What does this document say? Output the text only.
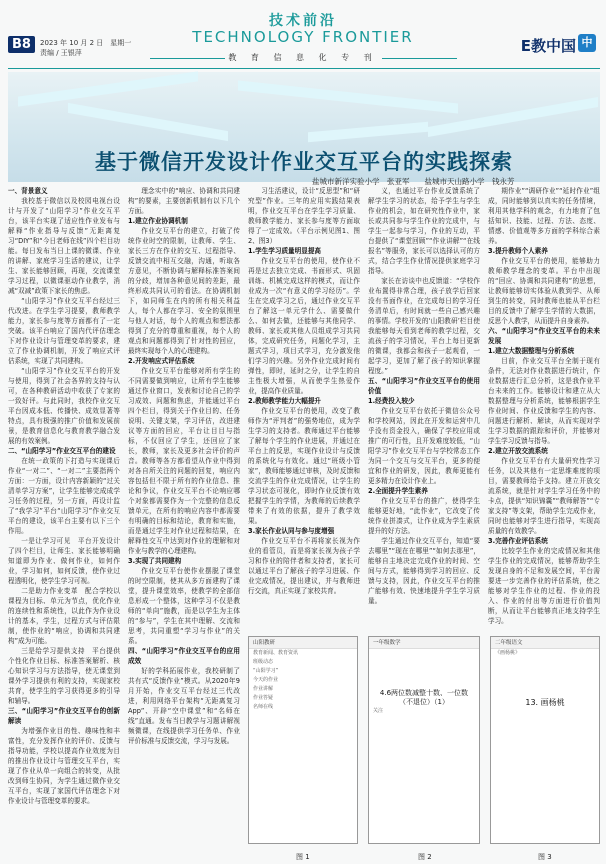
B8	2023 年 10 月 2 日　星期一
责编 / 王银萍
技术前沿
TECHNOLOGY FRONTIER
教 育 信 息 化 专 刊
E教中国 中
基于微信开发设计作业交互平台的实践探索
盐城市新洋实验小学　张亚军　　盐城市天山路小学　钱永芳

一、背景意义

我校基于微信以及校园电视台设计与开发了“山阳学习”作业交互平台，该平台实现了适应性作业发布与解释“作业指导与反馈”无距离复习“DIY”和“今日老师在线”四个栏目功能。每日发布当日上课的微课、作业的讲解、家庭学习生活的建议，让学生、家长能够回顾，再现，交流课堂学习过程，以微课驱动作业教学，消减“双减”政策下家长的焦虑。

“山阳学习”作业交互平台经过三代改进。在学生学习提要，教师教学能力，家长参与度等方面都有了一定突破。该平台响应了国内代评估理念下对作业设计与管理变革的要求，建立了作业协调机制，开发了响应式评估系统，实现了共同建构。

“山阳学习”作业交互平台的开发与使用，得到了社会各界的支持与认可，在各种教研活动中收获了专家的一致好评。与此同时，我校作业交互平台因成本低、传播快、成效显著等特点，具有极强的推广价值和发展前景，是教育信息化与教育教学融合发展的有效案例。

二、“山阳学习”作业交互平台的建设

在统一政策的下打造与实现课后作业“一对二”、“一对二”主要指两个方面：一方面，设计内容新颖的“过关清单学习方案”，让学生能够完成成学习任务的过程，另一方面，再设计监了“我学习”平台“山阳学习”作业交互平台的建设，该平台主要有以下三个作用。

一是让学习可见　平台开发设计了四个栏目，让师生、家长能够明确知道即为作业、做何作业，如何作业，学习如何，如何反馈，使作业过程透明化，使学生学习可视。

二是助力作业变革　配合学校以课程为目标、单元为节点，优化作业的连续性和系统性，以此作为作业设计的基本，学生，过程方式与评估限制，使作业的“响应，协调和共同建构”成为可能。

三是给学习提供支持　平台提供个性化作业目标、标准答案解析、核心知识学习与方法指导，使无课堂到课外学习提供有利的支持，实现家校共育，使学生的学习获得更多的引导和辅导。

三、“山阳学习”作业交互平台的创新解读

为增强作业目的性、趣味性和丰富性，充分发挥作业的评价、反馈与指导功能，学校以提高作业效度为目的推出作业设计与管理交互平台，实现了作业从单一向组合的转变，从批改到师生协同，为学生通过微作业交互平台，实现了家国代评估理念下对作业设计与管理变革的要求。

理念实中的“响应、协调和共同建构”的要素，主要创新机制有以下几个方面。

1.建立作业协调机制

作业交互平台的建立，打破了传统作业时空的限制，让教师、学生、家长三方在作业的交互、过程指导、反馈交流中相互交融，沟通，听取各方意见，不断协调与解释标准答案间的分歧，增加各种意见间的差距，最终形成共同认可的看法。在协调机制下，如同师生在内的所有相关利益人，每个人都在学习、安全的氛围里与他人对话，每个人的观点和想法都得到了充分的尊重和重视，每个人的观点和问题都得到了针对性的回应，最终实现每个人的心理建构。

2.开发响应式评估系统

作业交互平台能够对所有学生的不同需要做到响应，让所有学生能够通过作业窗口，发表和讨论自己的学习成效、问题和焦虑，并能通过平台四个栏目，得到关于作业目的、任务说明、关键支架，学习评估，改进建议等方面的回应，平台让目目与指标，不仅回应了学生，还回应了家长，教师，家长及更多社会评价的声音。教师等各方都看望从作业中得到对各自所关注的问题的回复，响应内容包括但不限于所有的作业信息、推论和争议，作业交互平台不论响应哪个对象都需要作为一个完整的信息反馈单元，在所有的响应内容中都需要有明确的目标和结论，教育和实施，而是通过学生对作业过程和结果，在解释性交互中达到对作业的理解和对作业与教学的心理建构。

3.实现了共同建构

作业交互平台使作业摆脱了课堂的时空限制，使其从多方面建构了课堂，提升课堂效率，使教学的全部信息形成一个整体，这种学习不仅是教师的“单向”施教，而是以学生为主体的“参与”，学生在其中理解、交流和思考，共同重塑“学习与作业”的关系。

四、“山阳学习”作业交互平台的应用成效

好的学科拓展作业，我校研制了共有式“反馈作业”模式。从2020年9月开始，作业交互平台经过三代改进，利用网络平台架构“无距离复习App”、开辟“空中课堂”和“名师在线”直通。发布当日教学与习题讲解视频微课，在线提供学习任务单、作业评价标准与反馈交流，学习与发展。

习生活建议，设计“反思型”和“研究型”作业。三年的应用实践结果表明，作业交互平台在学生学习质量、教师教学能力、家长参与度等方面取得了一定成效。（平台示例见图1、图2、图3）

1.学生学习质量明显提高

作业交互平台的使用，使作业不再是过去独立完成、书面形式、巩固训练、机械完成这样的模式，而让作业成为一次“有意义的学习经历”。学生在完成学习之后，通过作业交互平台了解这一单元学什么、需要做什么、如何去做，还能够与其他同学、教师、家长或其他人员组成学习共同体，完成研究任务，问题化学习，主题式学习，项目式学习，充分激发他们学习的兴趣。另外作业完成时间有弹性，即时，延时之分，让学生的自主性极大增强，从而使学生热爱作业，提高作业质量。

2.教师教学能力大幅提升

作业交互平台的使用，改变了教师作为“评判者”的强势地位，成为学生学习的支持者。教师通过平台能够了解每个学生的作业进展，并通过在平台上的反思，实现作业设计与反馈的系统化与有效化。通过“班级小管家”，教师能够通过审核，及时反馈和交流学生的作业完成情况，让学生的学习状态可视化，即时作业反馈有效把握学生的学情，为教师的后续教学带来了有效的依据，提升了教学效果。

3.家长作业认同与参与度增强

作业交互平台不再将家长视为作业的看管员，而是将家长视为孩子学习和作业的陪伴者和支持者，家长可以通过平台了解孩子的学习进展、作业完成情况，提出建议，并与教师进行交流，真正实现了家校共育。

义，也通过平台作业反馈系统了解学生学习的状态，给予学生与学生作业的机会，如在研究性作业中，家长或共同参与学生作业的完成中，与学生一起参与学习，作业的互动，平台提供了“课堂回顾”“作业讲解”“在线报名”等服务，家长可以选择认可的方式，结合学生作业情况提供家庭学习指导。

家长在访谈中也反馈道：“学校作业布置得非常合理，孩子放学后回家没有书面作业，在完成每日的学习任务清单后，有时间就一些自己感兴趣的事情。学校开发的‘山阳教研’栏目使我能够每天看到老师的教学过程，交流孩子的学习情况，平台上每日更新的微课，我都会和孩子一起观看，一起学习，更加了解了孩子的知识掌握程度。”

五、“山阳学习”作业交互平台的使用价值

1.经费投入较少

作业交互平台依托于微信公众号和学校网站，因此在开发和运营中几乎没有资金投入，确保了学校应用或推广的可行性，且开发难度较低，“山阳学习”作业交互平台与学校常态工作为同一个交互与交互平台，更多的便宜和作业的研发，因此，教师更能有更多精力在设计作业上。

2.全面提升学生素养

作业交互平台的推广，使得学生能够更好地，“此作业”，它改变了传统作业拼凑式，让作业成为学生素质提升的好方法。

学生通过作业交互平台，知道“要去哪里”“现在在哪里”“如何去那里”，能够自主地决定完成作业的时间、空间与方式，能够得到学习的回应、反馈与支持，因此，作业交互平台的推广能够有效、快速地提升学生学习质量。

期作业”“调研作业”“延时作业”组成，同时能够到以真实的任务情境，利用其他学科的观念，有力地育了包括知识、技能、过程、方法、态度、情感、价值观等多方面的学科综合素养。

3.提升教师个人素养

作业交互平台的使用，能够助力教师教学理念的变革。平台中出现的“回应、协调和共同建构”的思想，让教师能够切实体验从教到学、从师到生的转变，同时教师也能从平台栏目的反馈中了解学生学情的大数据，反思个人教学，从而提升自身素养。

六、“山阳学习”作业交互平台的未来发展

1.建立大数据整理与分析系统

目前，作业交互平台全制于现有条件，无法对作业数据进行统计，作业数据进行汇总分析，这是我作业平台未来的工作。能够设计和建立从大数据整理与分析系统，能够根据学生作业时间、作业反馈和学生的内容、问题进行解析、解读，从而实现对学生学习数据的跟踪和评价，并能够对学生学习反馈与指导。

2.建立开放交流系统

作业交互平台有大量研究性学习任务，以及其他有一定思维难度的项目，需要教师给予支持。建立开放交流系统，就是针对学生学习任务中的卡点，提供“知识锦囊”“教师解答”“专家支持”等支架，帮助学生完成作业，同时也能够对学生进行指导，实现高质量的有效教学。

3.完善作业评估系统

比较学生作业的完成情况和其他学生作业的完成情况，能够帮助学生发现自身的不足和发展空间，平台需要进一步完善作业的评估系统，使之能够对学生作业的过程、作业的投入、作业的付出等方面进行价值判断，从而让平台能够真正地支持学生学习。

山阳教研
教育新闻、教育资讯
班级动态
“山阳学习”
今天的作业
作业讲解
作业答疑
名师在线
一年级数学
4.6两位数减整十数、一位数
（不退位）（1）
关注
二年级语文
《画杨桃》
13. 画杨桃
图 1	图 2	图 3
